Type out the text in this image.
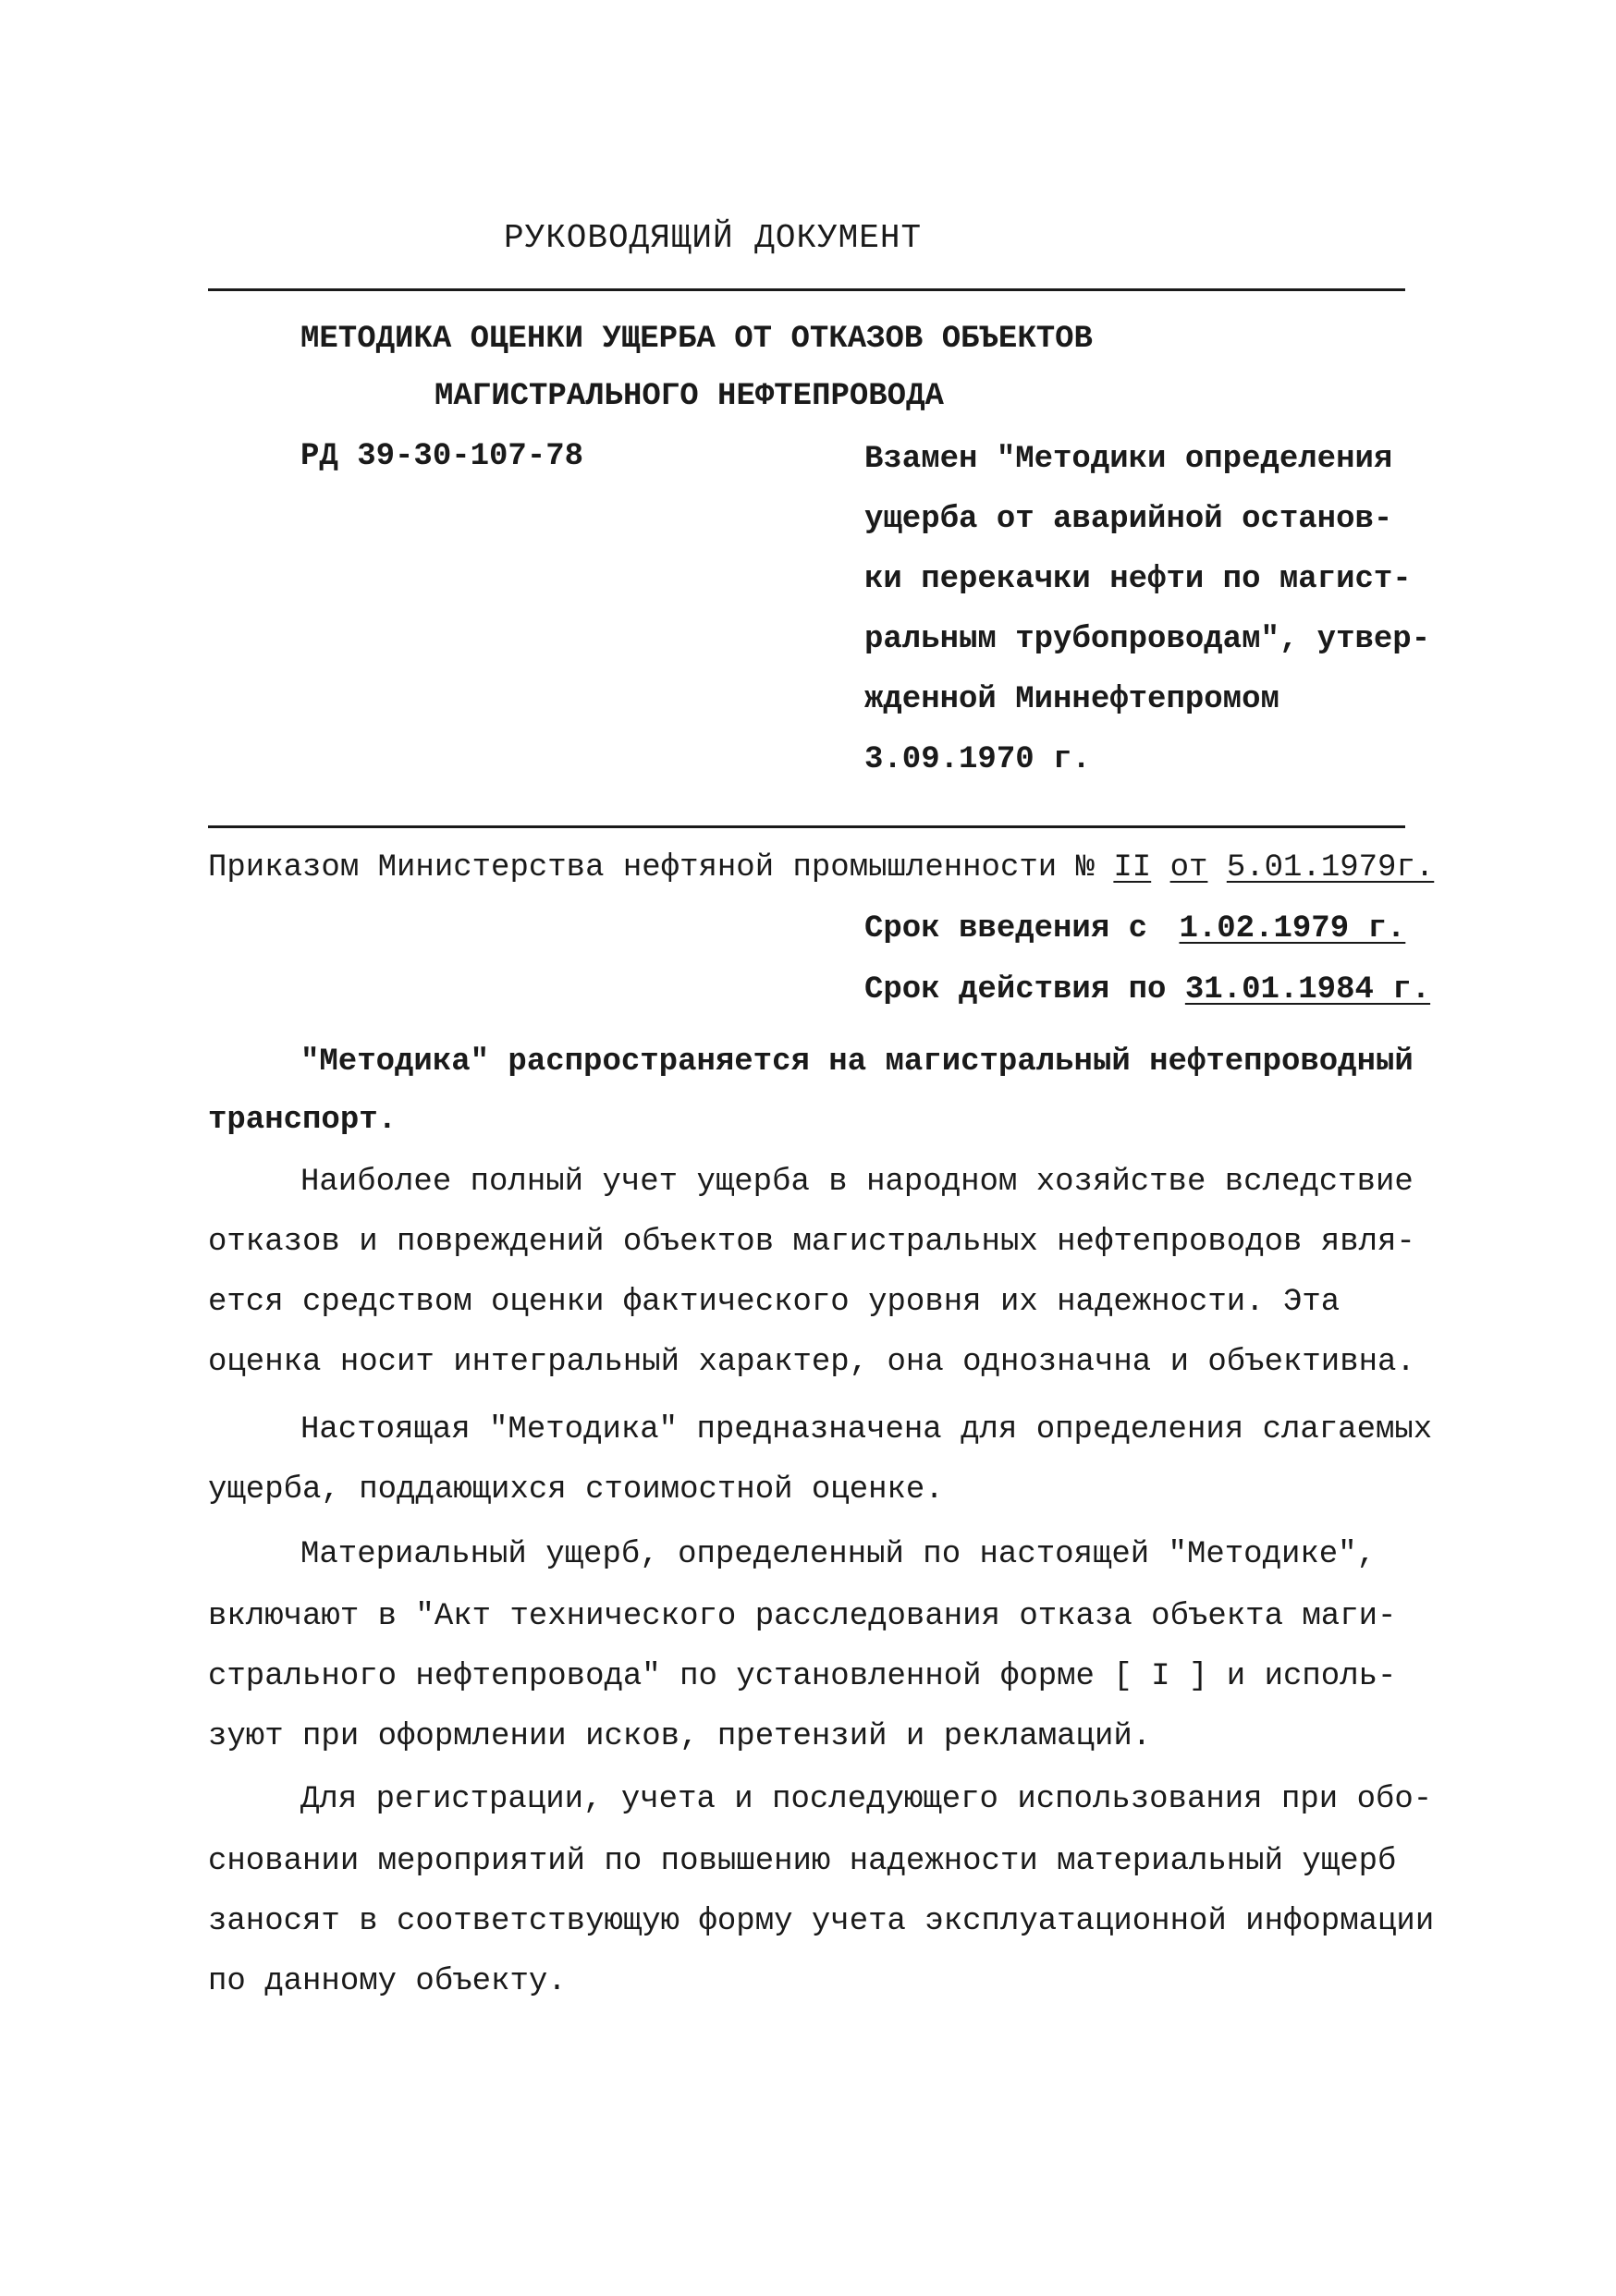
РУКОВОДЯЩИЙ ДОКУМЕНТ
МЕТОДИКА ОЦЕНКИ УЩЕРБА ОТ ОТКАЗОВ ОБЪЕКТОВ
МАГИСТРАЛЬНОГО НЕФТЕПРОВОДА
РД 39-30-107-78	Взамен "Методики определения
ущерба от аварийной останов-
ки перекачки нефти по магист-
ральным трубопроводам", утвер-
жденной Миннефтепромом
3.09.1970 г.
Приказом Министерства нефтяной промышленности № II от 5.01.1979г.
Срок введения с 1.02.1979 г.
Срок действия по 31.01.1984 г.
"Методика" распространяется на магистральный нефтепроводный
транспорт.
Наиболее полный учет ущерба в народном хозяйстве вследствие
отказов и повреждений объектов магистральных нефтепроводов явля-
ется средством оценки фактического уровня их надежности. Эта
оценка носит интегральный характер, она однозначна и объективна.
Настоящая "Методика" предназначена для определения слагаемых
ущерба, поддающихся стоимостной оценке.
Материальный ущерб, определенный по настоящей "Методике",
включают в "Акт технического расследования отказа объекта маги-
стрального нефтепровода" по установленной форме [ I ] и исполь-
зуют при оформлении исков, претензий и рекламаций.
Для регистрации, учета и последующего использования при обо-
сновании мероприятий по повышению надежности материальный ущерб
заносят в соответствующую форму учета эксплуатационной информации
по данному объекту.
